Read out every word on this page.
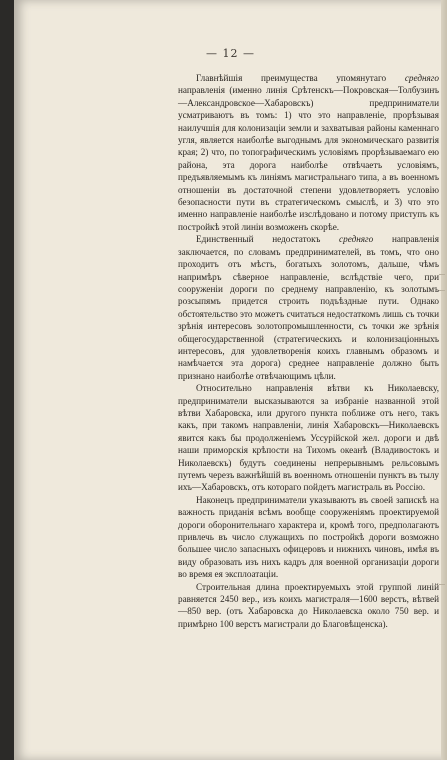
— 12 —

Главнѣйшія преимущества упомянутаго средняго направленія (именно линія Срѣтенскъ—Покровская—Толбузинъ—Александровское—Хабаровскъ) предприниматели усматриваютъ въ томъ: 1) что это направленіе, прорѣзывая наилучшія для колонизаціи земли и захватывая районы каменнаго угля, является наиболѣе выгоднымъ для экономическаго развитія края; 2) что, по топографическимъ условіямъ прорѣзываемаго ею района, эта дорога наиболѣе отвѣчаетъ условіямъ, предъявляемымъ къ линіямъ магистральнаго типа, а въ военномъ отношеніи въ достаточной степени удовлетворяетъ условію безопасности пути въ стратегическомъ смыслѣ, и 3) что это именно направленіе наиболѣе изслѣдовано и потому приступъ къ постройкѣ этой линіи возможенъ скорѣе.

Единственный недостатокъ средняго направленія заключается, по словамъ предпринимателей, въ томъ, что оно проходитъ отъ мѣстъ, богатыхъ золотомъ, дальше, чѣмъ напримѣръ сѣверное направленіе, вслѣдствіе чего, при сооруженіи дороги по среднему направленію, къ золотымъ розсыпямъ придется строить подъѣздные пути. Однако обстоятельство это можетъ считаться недостаткомъ лишь съ точки зрѣнія интересовъ золотопромышленности, съ точки же зрѣнія общегосударственной (стратегическихъ и колонизаціонныхъ интересовъ, для удовлетворенія коихъ главнымъ образомъ и намѣчается эта дорога) среднее направленіе должно быть признано наиболѣе отвѣчающимъ цѣли.

Относительно направленія вѣтви къ Николаевску, предприниматели высказываются за избраніе названной этой вѣтви Хабаровска, или другого пункта поближе отъ него, такъ какъ, при такомъ направленіи, линія Хабаровскъ—Николаевскъ явится какъ бы продолженіемъ Уссурійской жел. дороги и двѣ наши приморскія крѣпости на Тихомъ океанѣ (Владивостокъ и Николаевскъ) будутъ соединены непрерывнымъ рельсовымъ путемъ черезъ важнѣйшій въ военномъ отношеніи пунктъ въ тылу ихъ—Хабаровскъ, отъ котораго пойдетъ магистраль въ Россію.

Наконецъ предприниматели указываютъ въ своей запискѣ на важность приданія всѣмъ вообще сооруженіямъ проектируемой дороги оборонительнаго характера и, кромѣ того, предполагаютъ привлечь въ число служащихъ по постройкѣ дороги возможно большее число запасныхъ офицеровъ и нижнихъ чиновъ, имѣя въ виду образовать изъ нихъ кадръ для военной организаціи дороги во время ея эксплоатаціи.

Строительная длина проектируемыхъ этой группой линій равняется 2450 вер., изъ коихъ магистраля—1600 верстъ, вѣтвей—850 вер. (отъ Хабаровска до Николаевска около 750 вер. и примѣрно 100 верстъ магистрали до Благовѣщенска).
